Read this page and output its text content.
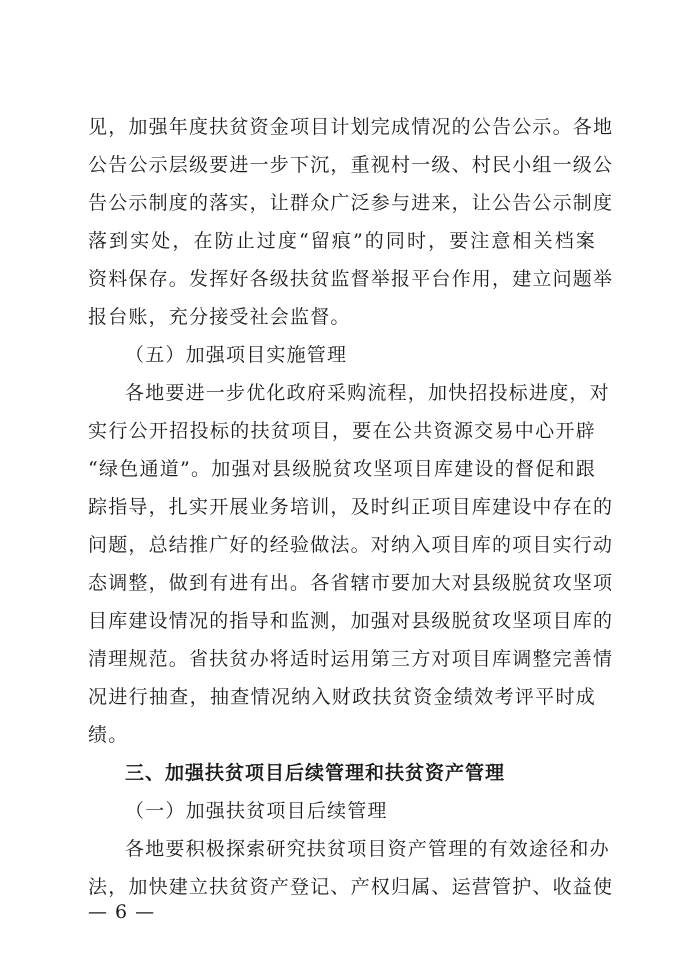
见，加强年度扶贫资金项目计划完成情况的公告公示。各地
公告公示层级要进一步下沉，重视村一级、村民小组一级公
告公示制度的落实，让群众广泛参与进来，让公告公示制度
落到实处，在防止过度“留痕”的同时，要注意相关档案
资料保存。发挥好各级扶贫监督举报平台作用，建立问题举
报台账，充分接受社会监督。
（五）加强项目实施管理
各地要进一步优化政府采购流程，加快招投标进度，对
实行公开招投标的扶贫项目，要在公共资源交易中心开辟
“绿色通道”。加强对县级脱贫攻坚项目库建设的督促和跟
踪指导，扎实开展业务培训，及时纠正项目库建设中存在的
问题，总结推广好的经验做法。对纳入项目库的项目实行动
态调整，做到有进有出。各省辖市要加大对县级脱贫攻坚项
目库建设情况的指导和监测，加强对县级脱贫攻坚项目库的
清理规范。省扶贫办将适时运用第三方对项目库调整完善情
况进行抽查，抽查情况纳入财政扶贫资金绩效考评平时成
绩。
三、加强扶贫项目后续管理和扶贫资产管理
（一）加强扶贫项目后续管理
各地要积极探索研究扶贫项目资产管理的有效途径和办
法，加快建立扶贫资产登记、产权归属、运营管护、收益使
— 6 —
